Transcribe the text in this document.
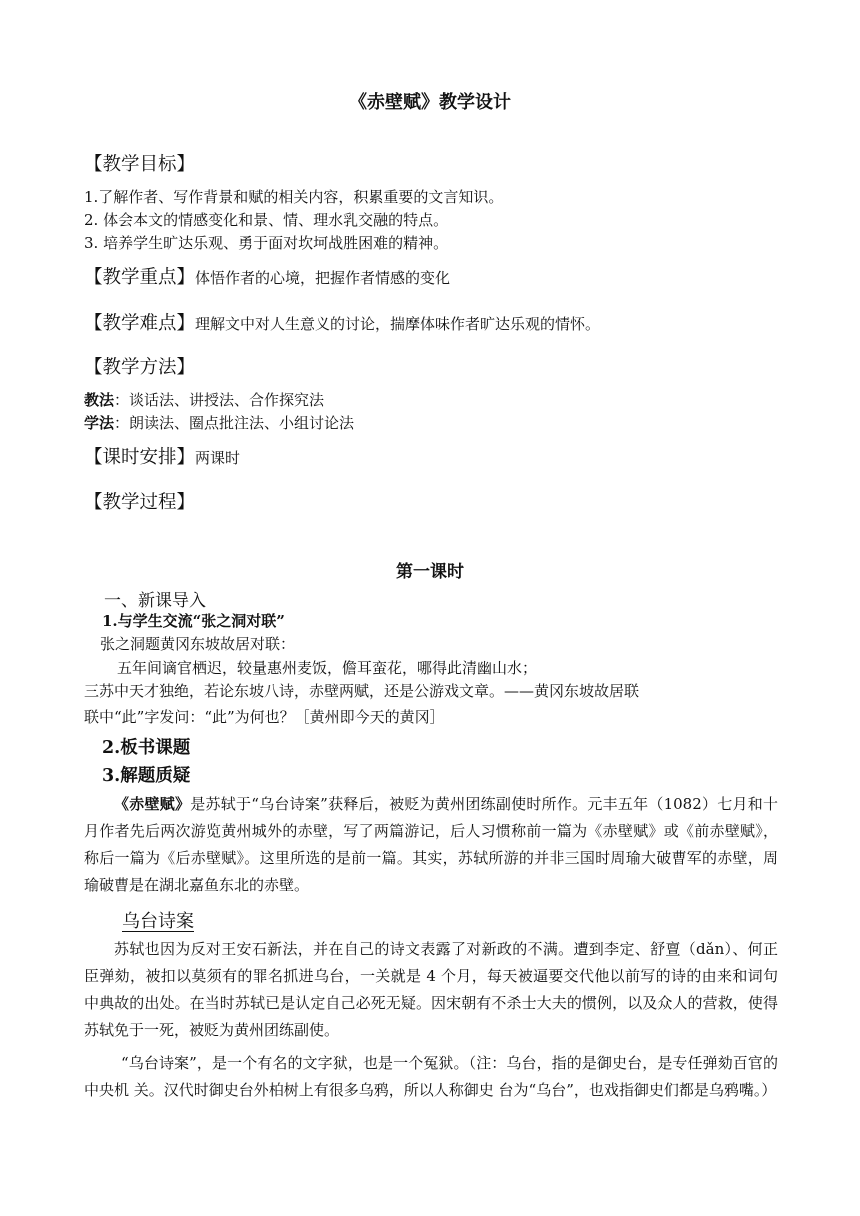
《赤壁赋》教学设计
【教学目标】
1.了解作者、写作背景和赋的相关内容，积累重要的文言知识。
2. 体会本文的情感变化和景、情、理水乳交融的特点。
3. 培养学生旷达乐观、勇于面对坎坷战胜困难的精神。
【教学重点】体悟作者的心境，把握作者情感的变化
【教学难点】理解文中对人生意义的讨论，揣摩体味作者旷达乐观的情怀。
【教学方法】
教法：谈话法、讲授法、合作探究法
学法：朗读法、圈点批注法、小组讨论法
【课时安排】两课时
【教学过程】
第一课时
一、新课导入
1.与学生交流“张之洞对联”
张之洞题黄冈东坡故居对联：
五年间谪官栖迟，较量惠州麦饭，儋耳蛮花，哪得此清幽山水；
三苏中天才独绝，若论东坡八诗，赤壁两赋，还是公游戏文章。——黄冈东坡故居联
联中“此”字发问：“此”为何也？［黄州即今天的黄冈］
2.板书课题
3.解题质疑
《赤壁赋》是苏轼于“乌台诗案”获释后，被贬为黄州团练副使时所作。元丰五年（1082）七月和十月作者先后两次游览黄州城外的赤壁，写了两篇游记，后人习惯称前一篇为《赤壁赋》或《前赤壁赋》，称后一篇为《后赤壁赋》。这里所选的是前一篇。其实，苏轼所游的并非三国时周瑜大破曹军的赤壁，周瑜破曹是在湖北嘉鱼东北的赤壁。
乌台诗案
苏轼也因为反对王安石新法，并在自己的诗文表露了对新政的不满。遭到李定、舒亶（dǎn）、何正臣弹劾，被扣以莫须有的罪名抓进乌台，一关就是 4 个月，每天被逼要交代他以前写的诗的由来和词句中典故的出处。在当时苏轼已是认定自己必死无疑。因宋朝有不杀士大夫的惯例，以及众人的营救，使得苏轼免于一死，被贬为黄州团练副使。
“乌台诗案”，是一个有名的文字狱，也是一个冤狱。（注：乌台，指的是御史台，是专任弹劾百官的中央机 关。汉代时御史台外柏树上有很多乌鸦，所以人称御史 台为“乌台”，也戏指御史们都是乌鸦嘴。）
